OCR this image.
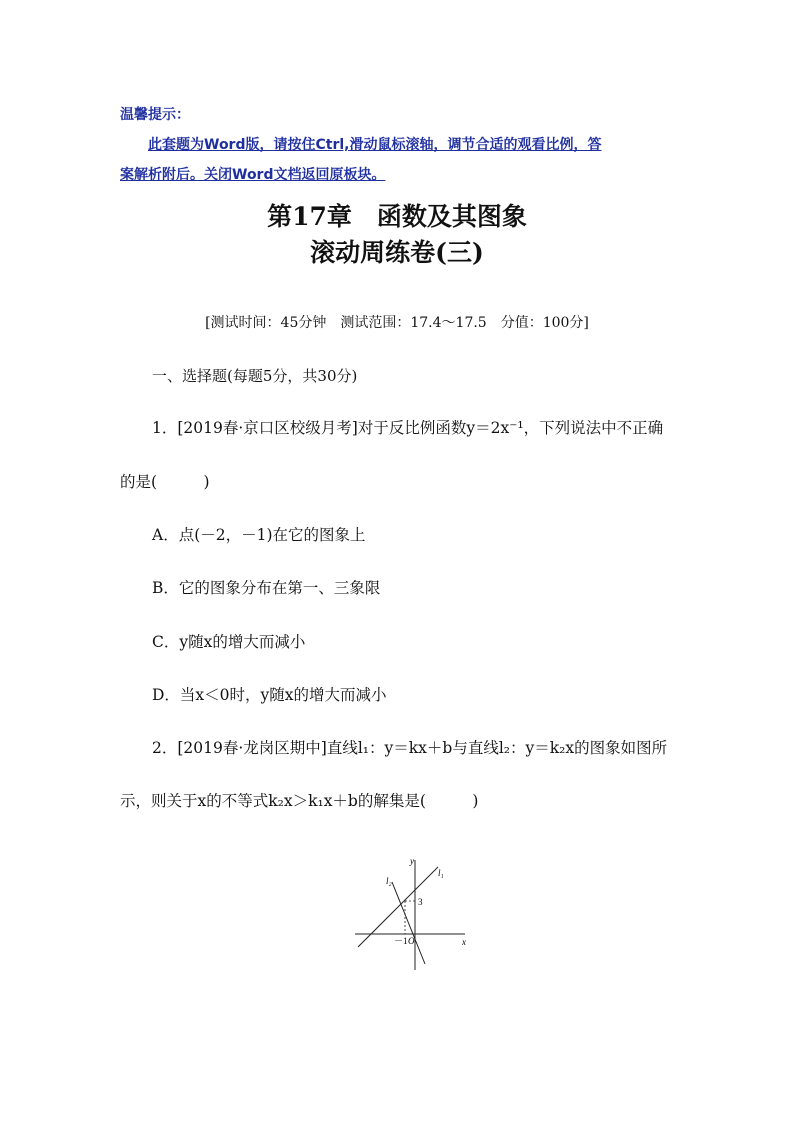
温馨提示：
此套题为Word版，请按住Ctrl,滑动鼠标滚轴，调节合适的观看比例，答
案解析附后。关闭Word文档返回原板块。
第17章　函数及其图象
滚动周练卷(三)
[测试时间：45分钟　测试范围：17.4～17.5　分值：100分]
一、选择题(每题5分，共30分)
1．[2019春·京口区校级月考]对于反比例函数y＝2x⁻¹，下列说法中不正确
的是(　　　)
A．点(－2，－1)在它的图象上
B．它的图象分布在第一、三象限
C．y随x的增大而减小
D．当x＜0时，y随x的增大而减小
2．[2019春·龙岗区期中]直线l₁：y＝kx＋b与直线l₂：y＝k₂x的图象如图所
示，则关于x的不等式k₂x＞k₁x＋b的解集是(　　　)
y
x
l₁
l₂
3
－1 O
